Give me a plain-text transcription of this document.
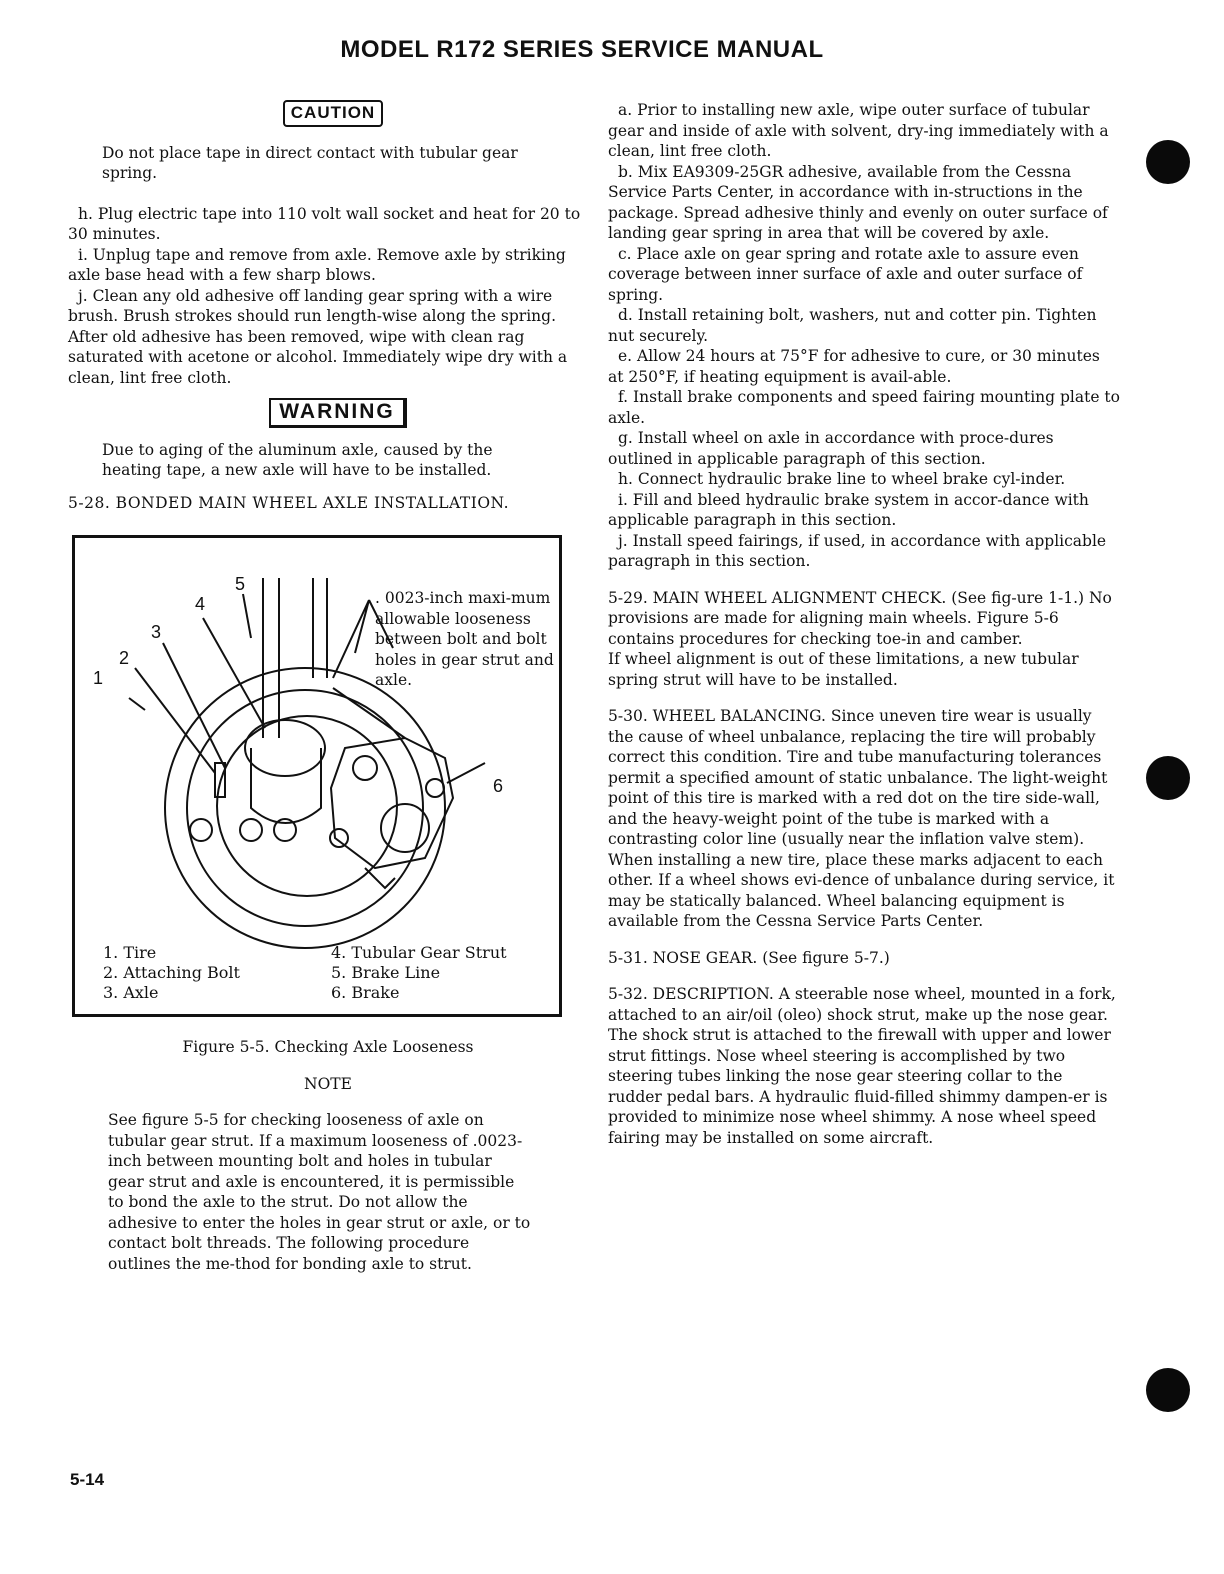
MODEL R172 SERIES SERVICE MANUAL
CAUTION

Do not place tape in direct contact with tubular gear spring.

h. Plug electric tape into 110 volt wall socket and heat for 20 to 30 minutes.

i. Unplug tape and remove from axle. Remove axle by striking axle base head with a few sharp blows.

j. Clean any old adhesive off landing gear spring with a wire brush. Brush strokes should run length-wise along the spring. After old adhesive has been removed, wipe with clean rag saturated with acetone or alcohol. Immediately wipe dry with a clean, lint free cloth.

WARNING

Due to aging of the aluminum axle, caused by the heating tape, a new axle will have to be installed.

5-28. BONDED MAIN WHEEL AXLE INSTALLATION.

1
2
3
4
5
6
. 0023-inch maxi-mum allowable looseness between bolt and bolt holes in gear strut and axle.
1. Tire
2. Attaching Bolt
3. Axle
4. Tubular Gear Strut
5. Brake Line
6. Brake

Figure 5-5. Checking Axle Looseness

NOTE

See figure 5-5 for checking looseness of axle on tubular gear strut. If a maximum looseness of .0023-inch between mounting bolt and holes in tubular gear strut and axle is encountered, it is permissible to bond the axle to the strut. Do not allow the adhesive to enter the holes in gear strut or axle, or to contact bolt threads. The following procedure outlines the me-thod for bonding axle to strut.

a. Prior to installing new axle, wipe outer surface of tubular gear and inside of axle with solvent, dry-ing immediately with a clean, lint free cloth.

b. Mix EA9309-25GR adhesive, available from the Cessna Service Parts Center, in accordance with in-structions in the package. Spread adhesive thinly and evenly on outer surface of landing gear spring in area that will be covered by axle.

c. Place axle on gear spring and rotate axle to assure even coverage between inner surface of axle and outer surface of spring.

d. Install retaining bolt, washers, nut and cotter pin. Tighten nut securely.

e. Allow 24 hours at 75°F for adhesive to cure, or 30 minutes at 250°F, if heating equipment is avail-able.

f. Install brake components and speed fairing mounting plate to axle.

g. Install wheel on axle in accordance with proce-dures outlined in applicable paragraph of this section.

h. Connect hydraulic brake line to wheel brake cyl-inder.

i. Fill and bleed hydraulic brake system in accor-dance with applicable paragraph in this section.

j. Install speed fairings, if used, in accordance with applicable paragraph in this section.

5-29. MAIN WHEEL ALIGNMENT CHECK. (See fig-ure 1-1.) No provisions are made for aligning main wheels. Figure 5-6 contains procedures for checking toe-in and camber.

If wheel alignment is out of these limitations, a new tubular spring strut will have to be installed.

5-30. WHEEL BALANCING. Since uneven tire wear is usually the cause of wheel unbalance, replacing the tire will probably correct this condition. Tire and tube manufacturing tolerances permit a specified amount of static unbalance. The light-weight point of this tire is marked with a red dot on the tire side-wall, and the heavy-weight point of the tube is marked with a contrasting color line (usually near the inflation valve stem). When installing a new tire, place these marks adjacent to each other. If a wheel shows evi-dence of unbalance during service, it may be statically balanced. Wheel balancing equipment is available from the Cessna Service Parts Center.

5-31. NOSE GEAR. (See figure 5-7.)

5-32. DESCRIPTION. A steerable nose wheel, mounted in a fork, attached to an air/oil (oleo) shock strut, make up the nose gear. The shock strut is attached to the firewall with upper and lower strut fittings. Nose wheel steering is accomplished by two steering tubes linking the nose gear steering collar to the rudder pedal bars. A hydraulic fluid-filled shimmy dampen-er is provided to minimize nose wheel shimmy. A nose wheel speed fairing may be installed on some aircraft.

5-14
